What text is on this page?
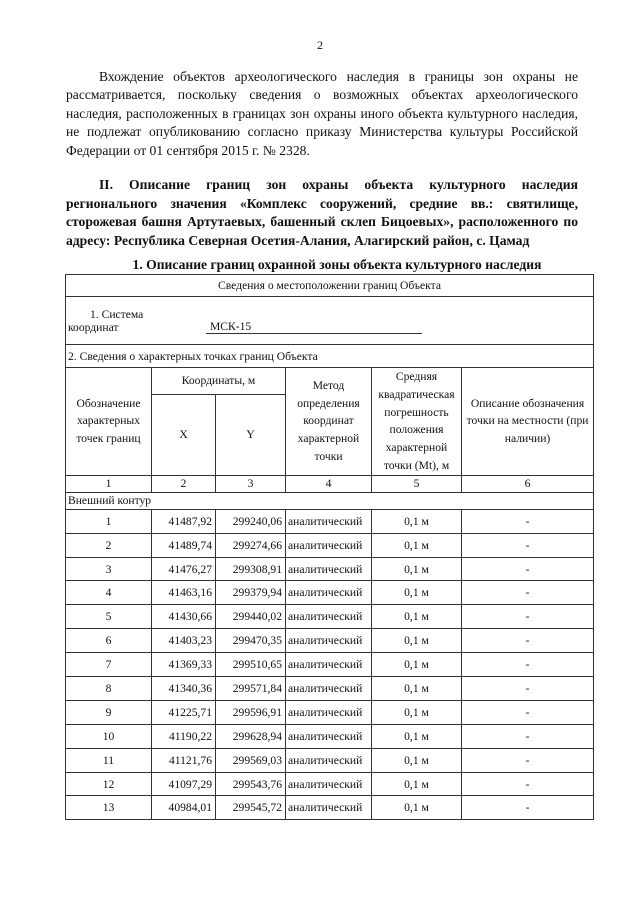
2

Вхождение объектов археологического наследия в границы зон охраны не рассматривается, поскольку сведения о возможных объектах археологического наследия, расположенных в границах зон охраны иного объекта культурного наследия, не подлежат опубликованию согласно приказу Министерства культуры Российской Федерации от 01 сентября 2015 г. № 2328.

II. Описание границ зон охраны объекта культурного наследия регионального значения «Комплекс сооружений, средние вв.: святилище, сторожевая башня Артутаевых, башенный склеп Бицоевых», расположенного по адресу: Республика Северная Осетия-Алания, Алагирский район, с. Цамад

1. Описание границ охранной зоны объекта культурного наследия

Сведения о местоположении границ Объекта					

1. Система
координат МСК-15					
2. Сведения о характерных точках границ Объекта					
Обозначение характерных точек границ	Координаты, м		Метод определения координат характерной точки	Средняя квадратическая погрешность положения характерной точки (Mt), м	Описание обозначения точки на местности (при наличии)
	X	Y			
1	2	3	4	5	6
Внешний контур					
1	41487,92	299240,06	аналитический	0,1 м	-
2	41489,74	299274,66	аналитический	0,1 м	-
3	41476,27	299308,91	аналитический	0,1 м	-
4	41463,16	299379,94	аналитический	0,1 м	-
5	41430,66	299440,02	аналитический	0,1 м	-
6	41403,23	299470,35	аналитический	0,1 м	-
7	41369,33	299510,65	аналитический	0,1 м	-
8	41340,36	299571,84	аналитический	0,1 м	-
9	41225,71	299596,91	аналитический	0,1 м	-
10	41190,22	299628,94	аналитический	0,1 м	-
11	41121,76	299569,03	аналитический	0,1 м	-
12	41097,29	299543,76	аналитический	0,1 м	-
13	40984,01	299545,72	аналитический	0,1 м	-
